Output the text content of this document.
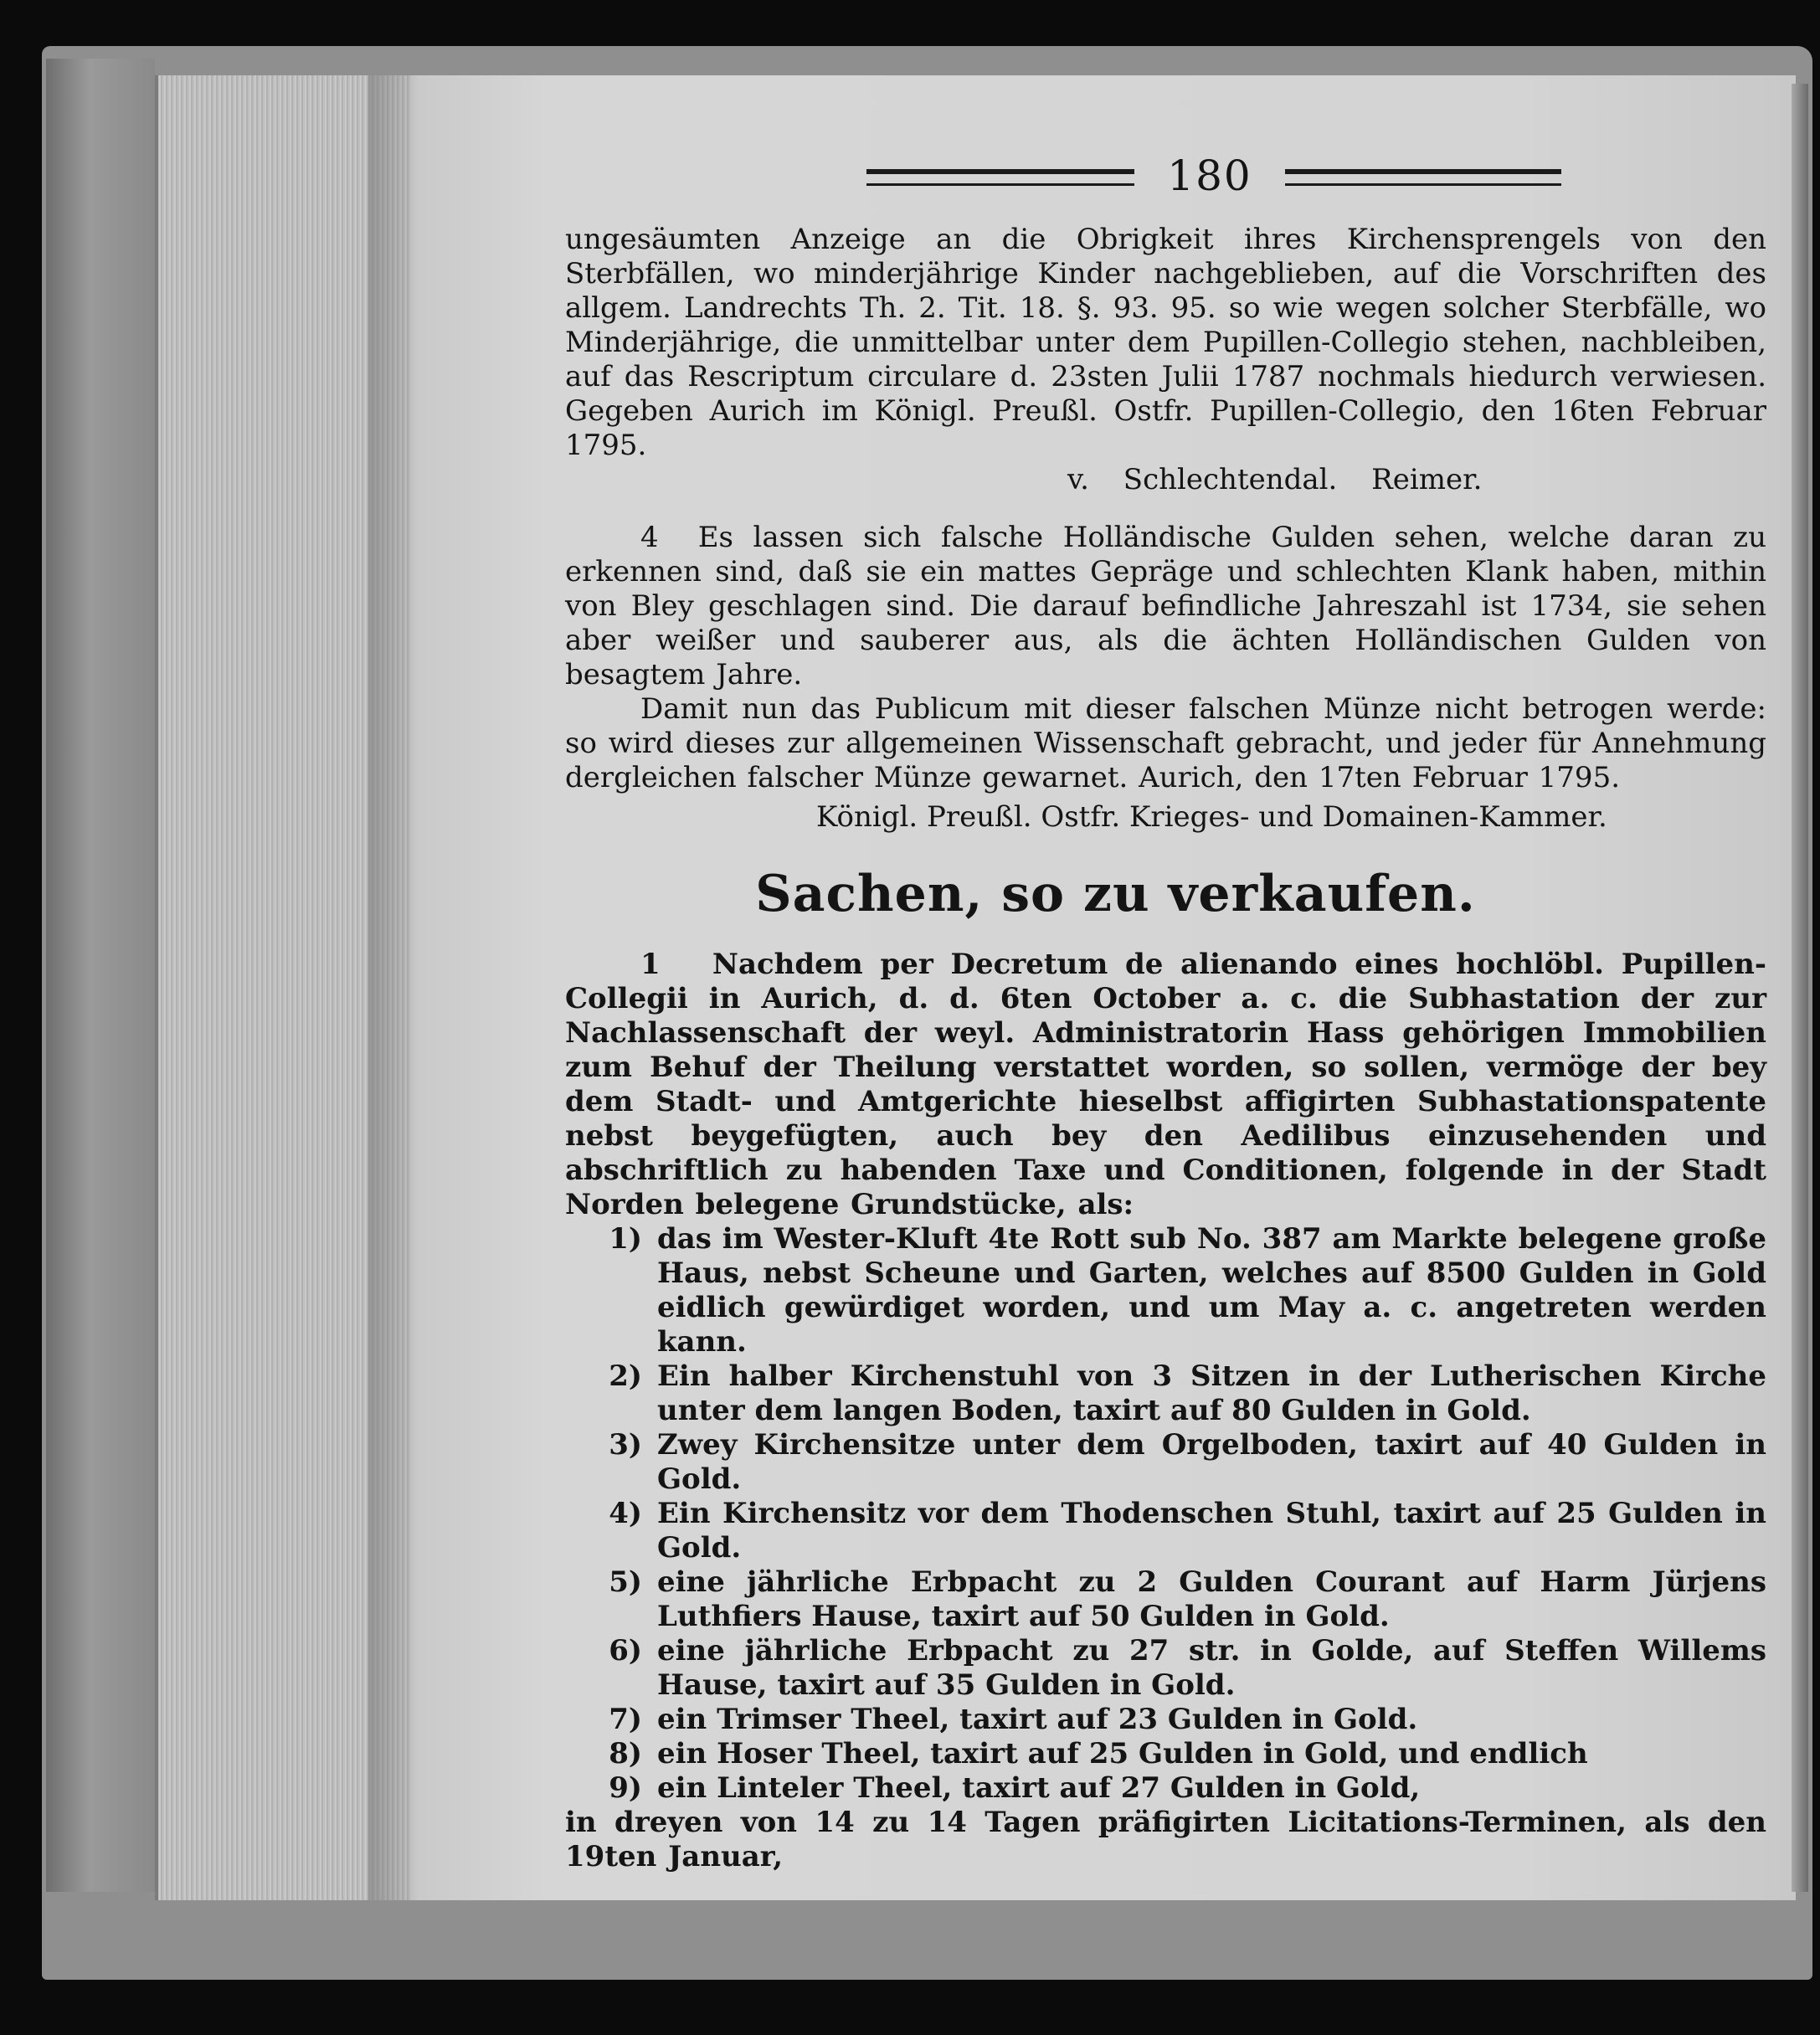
180

ungesäumten Anzeige an die Obrigkeit ihres Kirchensprengels von den Sterbfällen, wo minderjährige Kinder nachgeblieben, auf die Vorschriften des allgem. Landrechts Th. 2. Tit. 18. §. 93. 95. so wie wegen solcher Sterbfälle, wo Minderjährige, die unmittelbar unter dem Pupillen-Collegio stehen, nachbleiben, auf das Rescriptum circulare d. 23sten Julii 1787 nochmals hiedurch verwiesen. Gegeben Aurich im Königl. Preußl. Ostfr. Pupillen-Collegio, den 16ten Februar 1795.

v. Schlechtendal. Reimer.

4 Es lassen sich falsche Holländische Gulden sehen, welche daran zu erkennen sind, daß sie ein mattes Gepräge und schlechten Klank haben, mithin von Bley geschlagen sind. Die darauf befindliche Jahreszahl ist 1734, sie sehen aber weißer und sauberer aus, als die ächten Holländischen Gulden von besagtem Jahre.

Damit nun das Publicum mit dieser falschen Münze nicht betrogen werde: so wird dieses zur allgemeinen Wissenschaft gebracht, und jeder für Annehmung dergleichen falscher Münze gewarnet. Aurich, den 17ten Februar 1795.

Königl. Preußl. Ostfr. Krieges- und Domainen-Kammer.
Sachen, so zu verkaufen.

1 Nachdem per Decretum de alienando eines hochlöbl. Pupillen-Collegii in Aurich, d. d. 6ten October a. c. die Subhastation der zur Nachlassenschaft der weyl. Administratorin Hass gehörigen Immobilien zum Behuf der Theilung verstattet worden, so sollen, vermöge der bey dem Stadt- und Amtgerichte hieselbst affigirten Subhastationspatente nebst beygefügten, auch bey den Aedilibus einzusehenden und abschriftlich zu habenden Taxe und Conditionen, folgende in der Stadt Norden belegene Grundstücke, als:

1) das im Wester-Kluft 4te Rott sub No. 387 am Markte belegene große Haus, nebst Scheune und Garten, welches auf 8500 Gulden in Gold eidlich gewürdiget worden, und um May a. c. angetreten werden kann.
2) Ein halber Kirchenstuhl von 3 Sitzen in der Lutherischen Kirche unter dem langen Boden, taxirt auf 80 Gulden in Gold.
3) Zwey Kirchensitze unter dem Orgelboden, taxirt auf 40 Gulden in Gold.
4) Ein Kirchensitz vor dem Thodenschen Stuhl, taxirt auf 25 Gulden in Gold.
5) eine jährliche Erbpacht zu 2 Gulden Courant auf Harm Jürjens Luthfiers Hause, taxirt auf 50 Gulden in Gold.
6) eine jährliche Erbpacht zu 27 str. in Golde, auf Steffen Willems Hause, taxirt auf 35 Gulden in Gold.
7) ein Trimser Theel, taxirt auf 23 Gulden in Gold.
8) ein Hoser Theel, taxirt auf 25 Gulden in Gold, und endlich
9) ein Linteler Theel, taxirt auf 27 Gulden in Gold,

in dreyen von 14 zu 14 Tagen präfigirten Licitations-Terminen, als den 19ten Januar,
